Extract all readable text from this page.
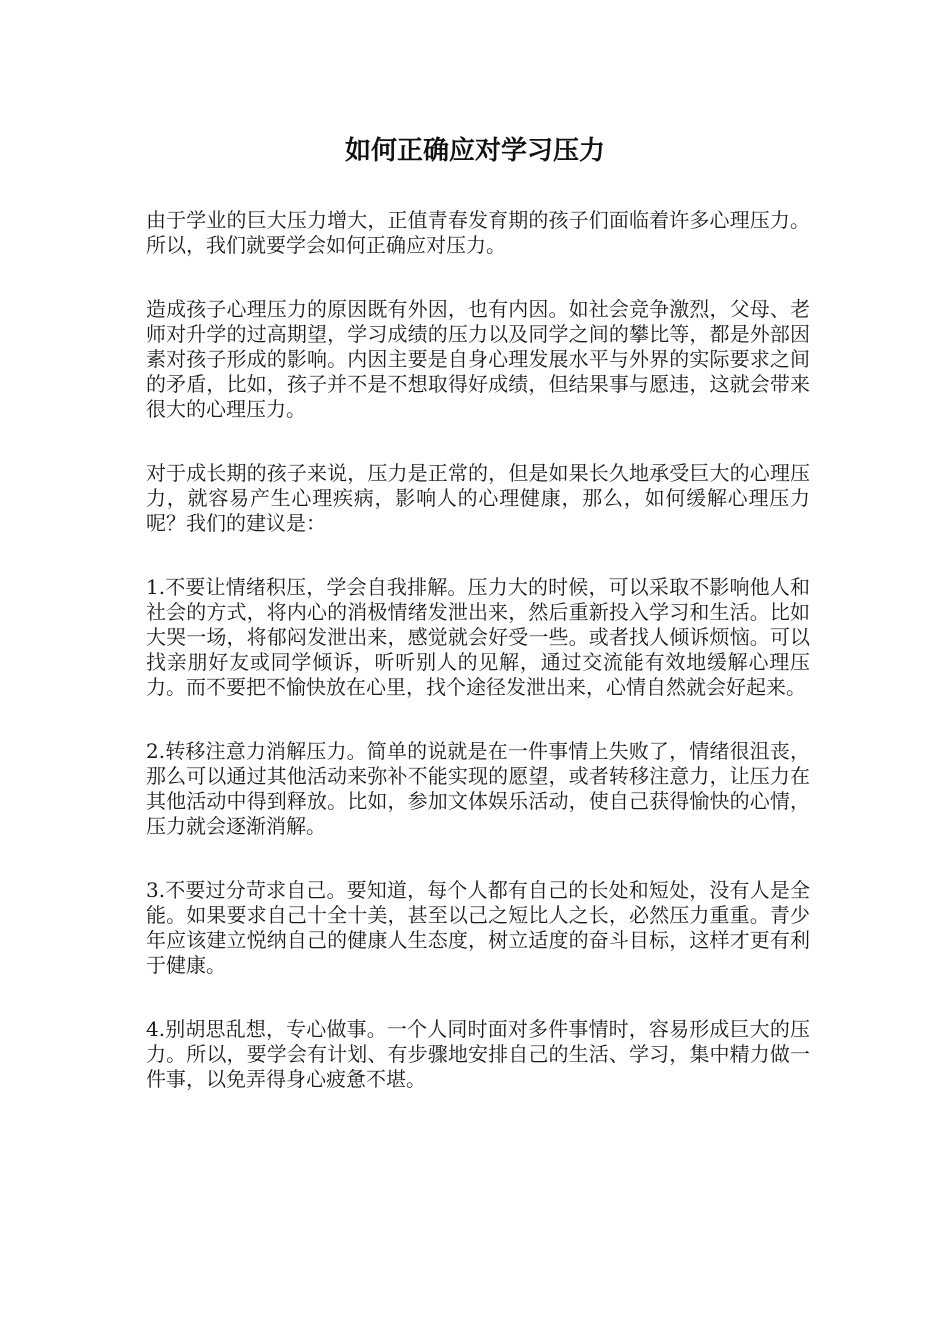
如何正确应对学习压力

由于学业的巨大压力增大，正值青春发育期的孩子们面临着许多心理压力。所以，我们就要学会如何正确应对压力。

造成孩子心理压力的原因既有外因，也有内因。如社会竞争激烈，父母、老师对升学的过高期望，学习成绩的压力以及同学之间的攀比等，都是外部因素对孩子形成的影响。内因主要是自身心理发展水平与外界的实际要求之间的矛盾，比如，孩子并不是不想取得好成绩，但结果事与愿违，这就会带来很大的心理压力。

对于成长期的孩子来说，压力是正常的，但是如果长久地承受巨大的心理压力，就容易产生心理疾病，影响人的心理健康，那么，如何缓解心理压力呢？我们的建议是：

1.不要让情绪积压，学会自我排解。压力大的时候，可以采取不影响他人和社会的方式，将内心的消极情绪发泄出来，然后重新投入学习和生活。比如大哭一场，将郁闷发泄出来，感觉就会好受一些。或者找人倾诉烦恼。可以找亲朋好友或同学倾诉，听听别人的见解，通过交流能有效地缓解心理压力。而不要把不愉快放在心里，找个途径发泄出来，心情自然就会好起来。

2.转移注意力消解压力。简单的说就是在一件事情上失败了，情绪很沮丧，那么可以通过其他活动来弥补不能实现的愿望，或者转移注意力，让压力在其他活动中得到释放。比如，参加文体娱乐活动，使自己获得愉快的心情，压力就会逐渐消解。

3.不要过分苛求自己。要知道，每个人都有自己的长处和短处，没有人是全能。如果要求自己十全十美，甚至以己之短比人之长，必然压力重重。青少年应该建立悦纳自己的健康人生态度，树立适度的奋斗目标，这样才更有利于健康。

4.别胡思乱想，专心做事。一个人同时面对多件事情时，容易形成巨大的压力。所以，要学会有计划、有步骤地安排自己的生活、学习，集中精力做一件事，以免弄得身心疲惫不堪。
